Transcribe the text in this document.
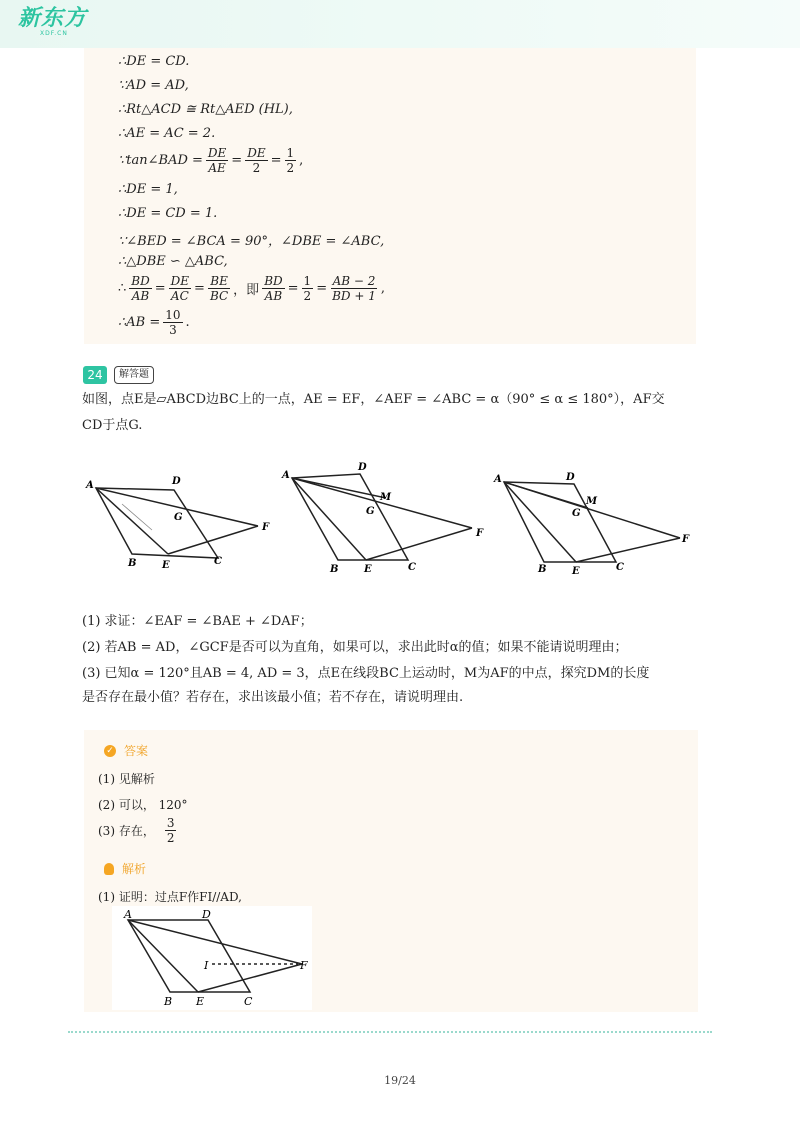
新东方
XDF.CN
∴DE = CD.
∵AD = AD,
∴Rt△ACD ≅ Rt△AED (HL),
∴AE = AC = 2.
∵tan∠BAD = $\frac{DE}{AE} = \frac{DE}{2} = \frac{1}{2}$ ,
∴DE = 1,
∴DE = CD = 1.
∵∠BED = ∠BCA = 90°，∠DBE = ∠ABC,
∴△DBE ∽ △ABC,
∴ $\frac{BD}{AB} = \frac{DE}{AC} = \frac{BE}{BC}$ ，即 $\frac{BD}{AB} = \frac{1}{2} = \frac{AB - 2}{BD + 1}$ ,
∴AB = $\frac{10}{3}$ .
24	解答题
如图，点E是▱ABCD边BC上的一点，AE = EF，∠AEF = ∠ABC = α（90° ≤ α ≤ 180°），AF交
CD于点G.
A	D
G
F
B	E	C
A
D
M
G
F
B	E	C
A	D
M
G
F
B	E	C
(1) 求证：∠EAF = ∠BAE + ∠DAF；
(2) 若AB = AD，∠GCF是否可以为直角，如果可以，求出此时α的值；如果不能请说明理由；
(3) 已知α = 120°且AB = 4, AD = 3，点E在线段BC上运动时，M为AF的中点，探究DM的长度
是否存在最小值？若存在，求出该最小值；若不存在，请说明理由.
✓ 答案
(1) 见解析
(2) 可以， 120°
(3) 存在， $\frac{3}{2}$
解析
(1) 证明：过点F作FI//AD,
A	D
I	F
B E	C
19/24
